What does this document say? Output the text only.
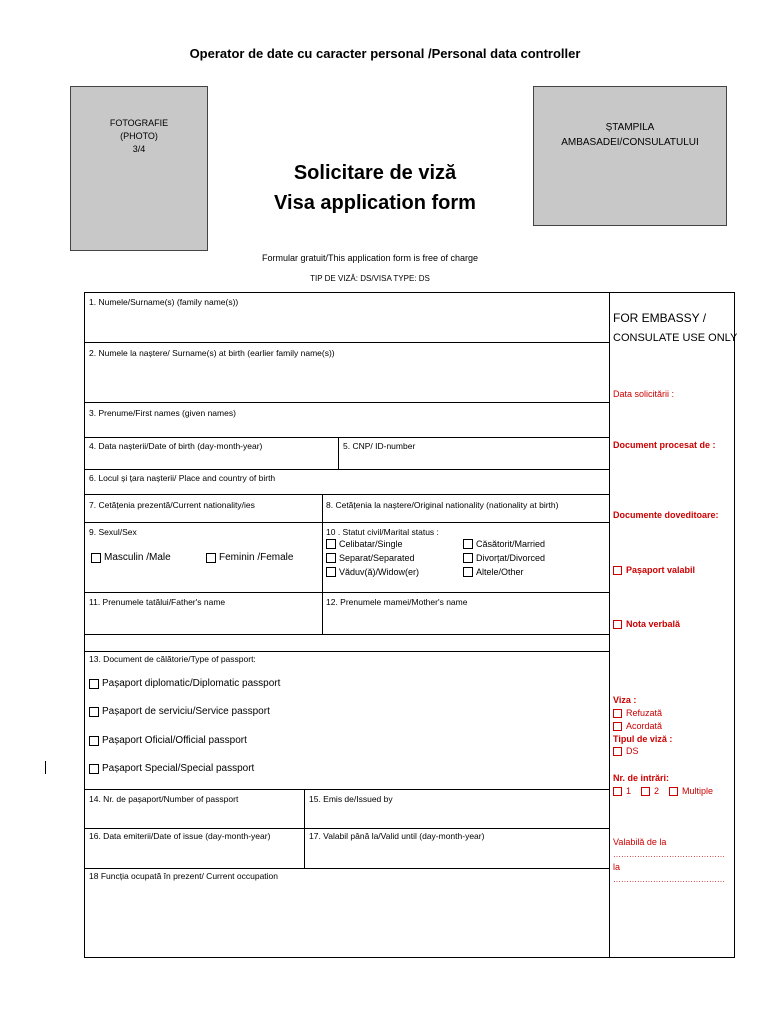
Operator de date cu caracter personal /Personal data controller
FOTOGRAFIE
(PHOTO)
3/4
ȘTAMPILA
AMBASADEI/CONSULATULUI
Solicitare de viză
Visa application form
Formular gratuit/This application form is free of charge
TIP DE VIZĂ: DS/VISA TYPE: DS
1. Numele/Surname(s) (family name(s))
2. Numele la naștere/ Surname(s) at birth (earlier family name(s))
3. Prenume/First names (given names)
4. Data nașterii/Date of birth (day-month-year)	5. CNP/ ID-number
6. Locul și țara nașterii/ Place and country of birth
7. Cetățenia prezentă/Current nationality/ies	8. Cetățenia la naștere/Original nationality (nationality at birth)
9. Sexul/Sex	10 . Statut civil/Marital status :
Masculin /Male	Feminin /Female
Celibatar/Single	Căsătorit/Married
Separat/Separated	Divorțat/Divorced
Văduv(ă)/Widow(er)	Altele/Other
11. Prenumele tatălui/Father's name	12. Prenumele mamei/Mother's name
13. Document de călătorie/Type of passport:
Pașaport diplomatic/Diplomatic passport
Pașaport de serviciu/Service passport
Pașaport Oficial/Official passport
Pașaport Special/Special passport
14. Nr. de pașaport/Number of passport	15. Emis de/Issued by
16. Data emiterii/Date of issue (day-month-year)	17. Valabil până la/Valid until (day-month-year)
18 Funcția ocupată în prezent/ Current occupation
FOR EMBASSY /
CONSULATE USE ONLY
Data solicitării :
Document procesat de :
Documente doveditoare:
Pașaport valabil
Nota verbală
Viza :
Refuzată
Acordată
Tipul de viză :
DS
Nr. de intrări:
1	2	Multiple
Valabilă de la
……………………………………
la
……………………………………
